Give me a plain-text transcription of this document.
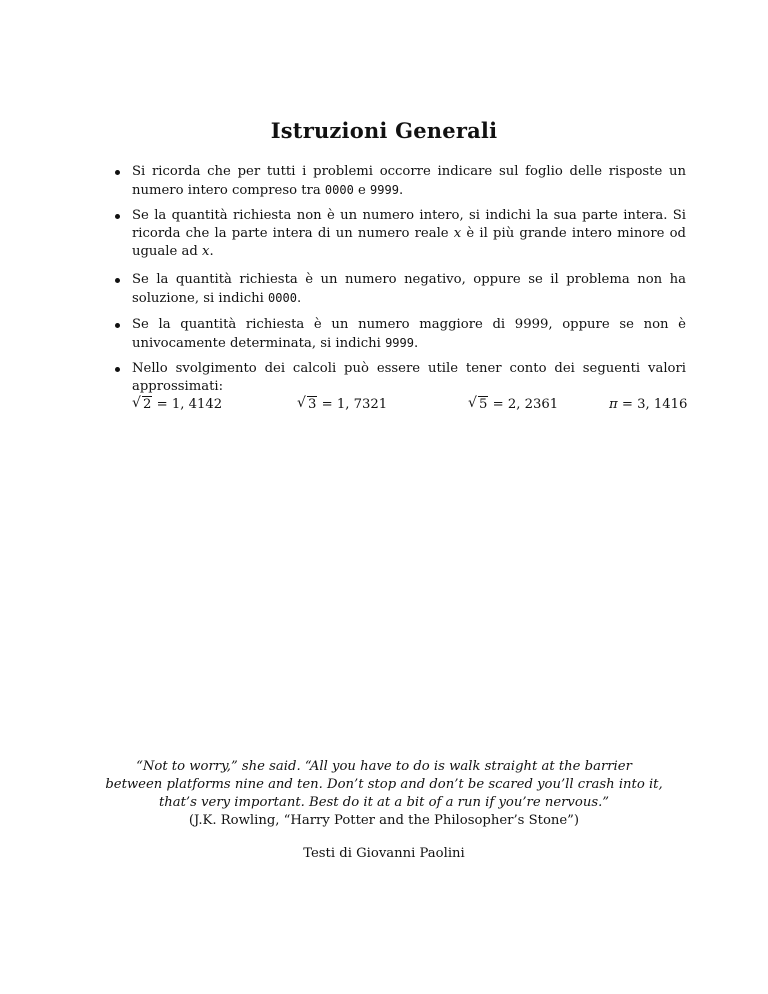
Istruzioni Generali
Si ricorda che per tutti i problemi occorre indicare sul foglio delle risposte un numero intero compreso tra 0000 e 9999.
Se la quantità richiesta non è un numero intero, si indichi la sua parte intera. Si ricorda che la parte intera di un numero reale x è il più grande intero minore od uguale ad x.
Se la quantità richiesta è un numero negativo, oppure se il problema non ha soluzione, si indichi 0000.
Se la quantità richiesta è un numero maggiore di 9999, oppure se non è univocamente determinata, si indichi 9999.
Nello svolgimento dei calcoli può essere utile tener conto dei seguenti valori approssimati:
√ 2 = 1, 4142	√ 3 = 1, 7321	√ 5 = 2, 2361	π = 3, 1416
“Not to worry,” she said. “All you have to do is walk straight at the barrier
between platforms nine and ten. Don’t stop and don’t be scared you’ll crash into it,
that’s very important. Best do it at a bit of a run if you’re nervous.”
(J.K. Rowling, “Harry Potter and the Philosopher’s Stone”)
Testi di Giovanni Paolini
